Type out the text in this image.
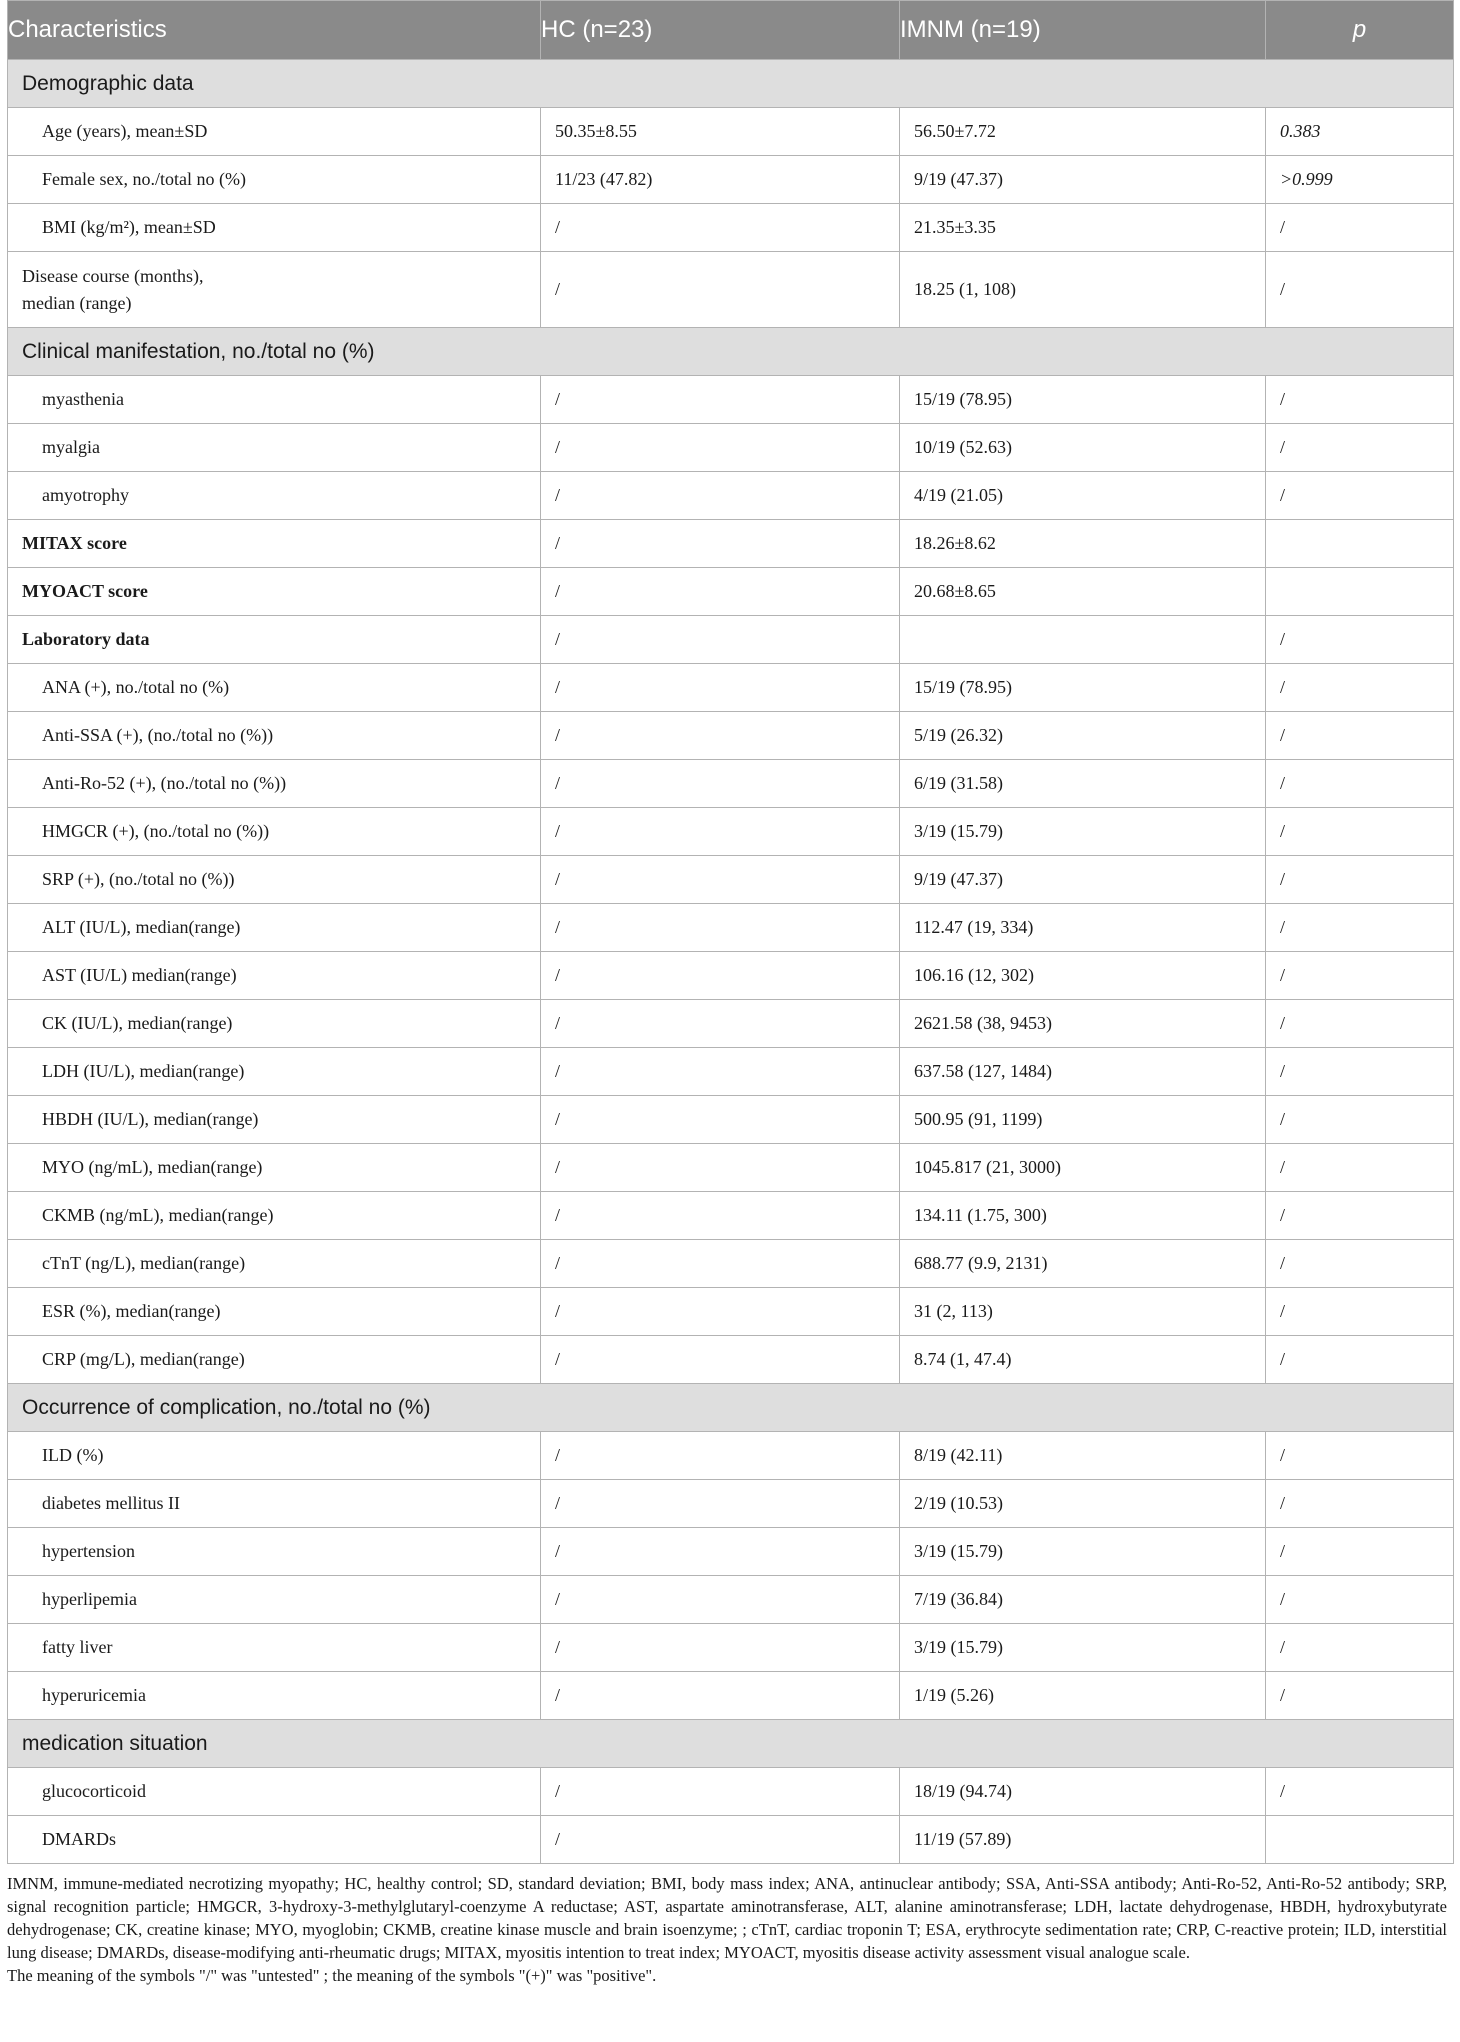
Characteristics	HC (n=23)	IMNM (n=19)	p
Demographic data			
Age (years), mean±SD	50.35±8.55	56.50±7.72	0.383
Female sex, no./total no (%)	11/23 (47.82)	9/19 (47.37)	>0.999
BMI (kg/m²), mean±SD	/	21.35±3.35	/
Disease course (months),
median (range)	/	18.25 (1, 108)	/
Clinical manifestation, no./total no (%)			
myasthenia	/	15/19 (78.95)	/
myalgia	/	10/19 (52.63)	/
amyotrophy	/	4/19 (21.05)	/
MITAX score	/	18.26±8.62	
MYOACT score	/	20.68±8.65	
Laboratory data	/		/
ANA (+), no./total no (%)	/	15/19 (78.95)	/
Anti-SSA (+), (no./total no (%))	/	5/19 (26.32)	/
Anti-Ro-52 (+), (no./total no (%))	/	6/19 (31.58)	/
HMGCR (+), (no./total no (%))	/	3/19 (15.79)	/
SRP (+), (no./total no (%))	/	9/19 (47.37)	/
ALT (IU/L), median(range)	/	112.47 (19, 334)	/
AST (IU/L) median(range)	/	106.16 (12, 302)	/
CK (IU/L), median(range)	/	2621.58 (38, 9453)	/
LDH (IU/L), median(range)	/	637.58 (127, 1484)	/
HBDH (IU/L), median(range)	/	500.95 (91, 1199)	/
MYO (ng/mL), median(range)	/	1045.817 (21, 3000)	/
CKMB (ng/mL), median(range)	/	134.11 (1.75, 300)	/
cTnT (ng/L), median(range)	/	688.77 (9.9, 2131)	/
ESR (%), median(range)	/	31 (2, 113)	/
CRP (mg/L), median(range)	/	8.74 (1, 47.4)	/
Occurrence of complication, no./total no (%)			
ILD (%)	/	8/19 (42.11)	/
diabetes mellitus II	/	2/19 (10.53)	/
hypertension	/	3/19 (15.79)	/
hyperlipemia	/	7/19 (36.84)	/
fatty liver	/	3/19 (15.79)	/
hyperuricemia	/	1/19 (5.26)	/
medication situation			
glucocorticoid	/	18/19 (94.74)	/
DMARDs	/	11/19 (57.89)	

IMNM, immune-mediated necrotizing myopathy; HC, healthy control; SD, standard deviation; BMI, body mass index; ANA, antinuclear antibody; SSA, Anti-SSA antibody; Anti-Ro-52, Anti-Ro-52 antibody; SRP, signal recognition particle; HMGCR, 3-hydroxy-3-methylglutaryl-coenzyme A reductase; AST, aspartate aminotransferase, ALT, alanine aminotransferase; LDH, lactate dehydrogenase, HBDH, hydroxybutyrate dehydrogenase; CK, creatine kinase; MYO, myoglobin; CKMB, creatine kinase muscle and brain isoenzyme; ; cTnT, cardiac troponin T; ESA, erythrocyte sedimentation rate; CRP, C-reactive protein; ILD, interstitial lung disease; DMARDs, disease-modifying anti-rheumatic drugs; MITAX, myositis intention to treat index; MYOACT, myositis disease activity assessment visual analogue scale.

The meaning of the symbols "/" was "untested" ; the meaning of the symbols "(+)" was "positive".
